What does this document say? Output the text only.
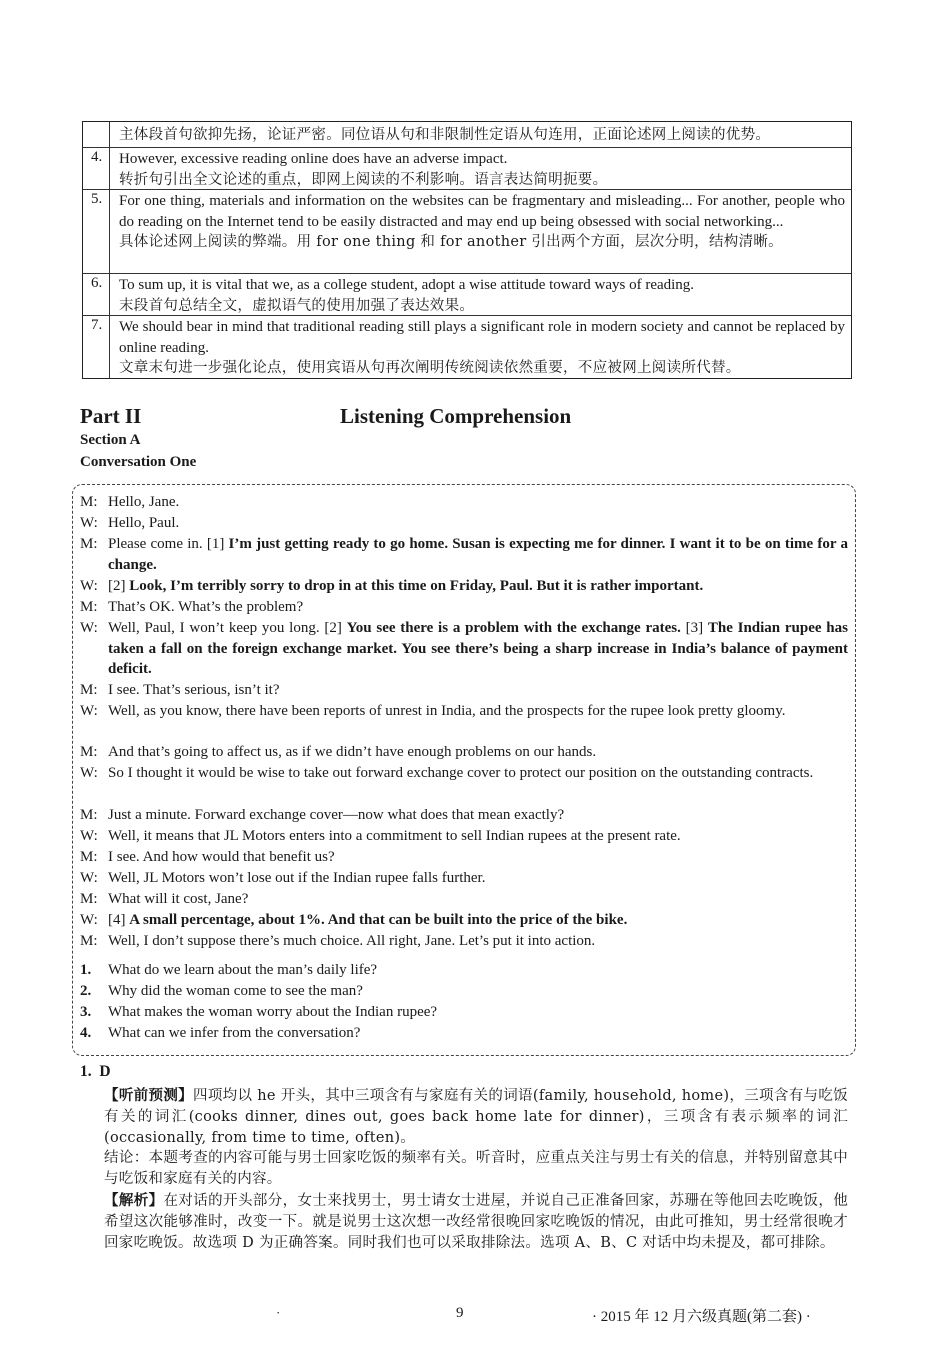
主体段首句欲抑先扬，论证严密。同位语从句和非限制性定语从句连用，正面论述网上阅读的优势。
4. However, excessive reading online does have an adverse impact.
转折句引出全文论述的重点，即网上阅读的不利影响。语言表达简明扼要。
5. For one thing, materials and information on the websites can be fragmentary and misleading... For another, people who do reading on the Internet tend to be easily distracted and may end up being obsessed with social networking...
具体论述网上阅读的弊端。用 for one thing 和 for another 引出两个方面，层次分明，结构清晰。
6. To sum up, it is vital that we, as a college student, adopt a wise attitude toward ways of reading.
末段首句总结全文，虚拟语气的使用加强了表达效果。
7. We should bear in mind that traditional reading still plays a significant role in modern society and cannot be replaced by online reading.
文章末句进一步强化论点，使用宾语从句再次阐明传统阅读依然重要，不应被网上阅读所代替。
Part II	Listening Comprehension
Section A
Conversation One
M: Hello, Jane.
W: Hello, Paul.
M: Please come in. [1] I’m just getting ready to go home. Susan is expecting me for dinner. I want it to be on time for a change.
W: [2] Look, I’m terribly sorry to drop in at this time on Friday, Paul. But it is rather important.
M: That’s OK. What’s the problem?
W: Well, Paul, I won’t keep you long. [2] You see there is a problem with the exchange rates. [3] The Indian rupee has taken a fall on the foreign exchange market. You see there’s being a sharp increase in India’s balance of payment deficit.
M: I see. That’s serious, isn’t it?
W: Well, as you know, there have been reports of unrest in India, and the prospects for the rupee look pretty gloomy.
M: And that’s going to affect us, as if we didn’t have enough problems on our hands.
W: So I thought it would be wise to take out forward exchange cover to protect our position on the outstanding contracts.
M: Just a minute. Forward exchange cover—now what does that mean exactly?
W: Well, it means that JL Motors enters into a commitment to sell Indian rupees at the present rate.
M: I see. And how would that benefit us?
W: Well, JL Motors won’t lose out if the Indian rupee falls further.
M: What will it cost, Jane?
W: [4] A small percentage, about 1%. And that can be built into the price of the bike.
M: Well, I don’t suppose there’s much choice. All right, Jane. Let’s put it into action.
1. What do we learn about the man’s daily life?
2. Why did the woman come to see the man?
3. What makes the woman worry about the Indian rupee?
4. What can we infer from the conversation?
1.  D
【听前预测】四项均以 he 开头，其中三项含有与家庭有关的词语(family, household, home)，三项含有与吃饭有关的词汇(cooks dinner, dines out, goes back home late for dinner)，三项含有表示频率的词汇(occasionally, from time to time, often)。
结论：本题考查的内容可能与男士回家吃饭的频率有关。听音时，应重点关注与男士有关的信息，并特别留意其中与吃饭和家庭有关的内容。
【解析】在对话的开头部分，女士来找男士，男士请女士进屋，并说自己正准备回家，苏珊在等他回去吃晚饭，他希望这次能够准时，改变一下。就是说男士这次想一改经常很晚回家吃晚饭的情况，由此可推知，男士经常很晚才回家吃晚饭。故选项 D 为正确答案。同时我们也可以采取排除法。选项 A、B、C 对话中均未提及，都可排除。
·	9	· 2015 年 12 月六级真题(第二套) ·
